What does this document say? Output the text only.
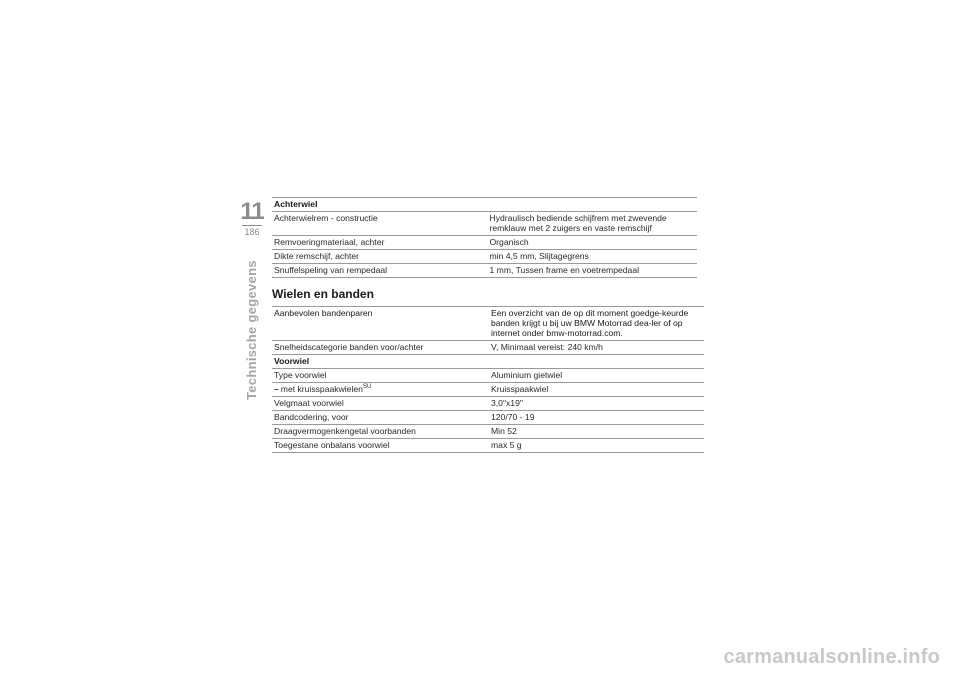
11
186
Technische gegevens
Achterwiel	
Achterwielrem - constructie	Hydraulisch bediende schijfrem met zwevende remklauw met 2 zuigers en vaste remschijf
Remvoeringmateriaal, achter	Organisch
Dikte remschijf, achter	min 4,5 mm, Slijtagegrens
Snuffelspeling van rempedaal	1 mm, Tussen frame en voetrempedaal
Wielen en banden
Aanbevolen bandenparen	Een overzicht van de op dit moment goedge-keurde banden krijgt u bij uw BMW Motorrad dea-ler of op internet onder bmw-motorrad.com.
Snelheidscategorie banden voor/achter	V, Minimaal vereist: 240 km/h
Voorwiel	
Type voorwiel	Aluminium gietwiel
– met kruisspaakwielen$^{SU}$	Kruisspaakwiel
Velgmaat voorwiel	3,0"x19"
Bandcodering, voor	120/70 - 19
Draagvermogenkengetal voorbanden	Min 52
Toegestane onbalans voorwiel	max 5 g
carmanualsonline.info
